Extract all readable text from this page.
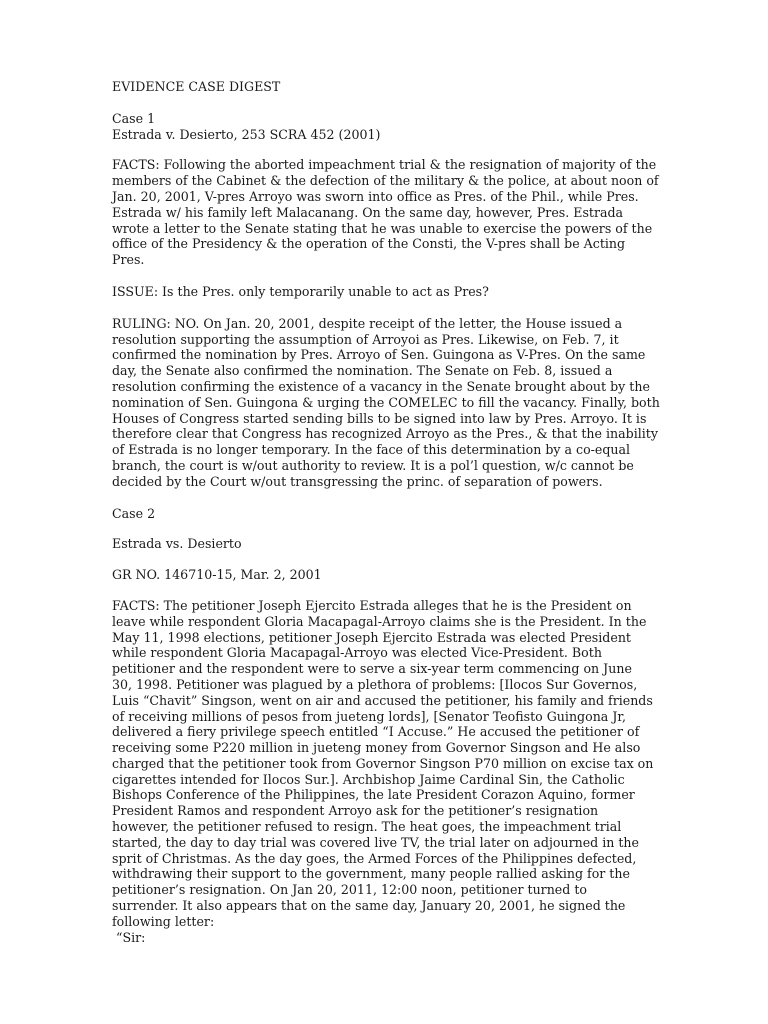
EVIDENCE CASE DIGEST

Case 1

Estrada v. Desierto, 253 SCRA 452 (2001)

FACTS: Following the aborted impeachment trial & the resignation of majority of the
members of the Cabinet & the defection of the military & the police, at about noon of
Jan. 20, 2001, V-pres Arroyo was sworn into office as Pres. of the Phil., while Pres.
Estrada w/ his family left Malacanang. On the same day, however, Pres. Estrada
wrote a letter to the Senate stating that he was unable to exercise the powers of the
office of the Presidency & the operation of the Consti, the V-pres shall be Acting
Pres.
ISSUE: Is the Pres. only temporarily unable to act as Pres?
RULING: NO. On Jan. 20, 2001, despite receipt of the letter, the House issued a
resolution supporting the assumption of Arroyoi as Pres. Likewise, on Feb. 7, it
confirmed the nomination by Pres. Arroyo of Sen. Guingona as V-Pres. On the same
day, the Senate also confirmed the nomination. The Senate on Feb. 8, issued a
resolution confirming the existence of a vacancy in the Senate brought about by the
nomination of Sen. Guingona & urging the COMELEC to fill the vacancy. Finally, both
Houses of Congress started sending bills to be signed into law by Pres. Arroyo. It is
therefore clear that Congress has recognized Arroyo as the Pres., & that the inability
of Estrada is no longer temporary. In the face of this determination by a co-equal
branch, the court is w/out authority to review. It is a pol’l question, w/c cannot be
decided by the Court w/out transgressing the princ. of separation of powers.

Case 2

Estrada vs. Desierto

GR NO. 146710-15, Mar. 2, 2001

FACTS: The petitioner Joseph Ejercito Estrada alleges that he is the President on
leave while respondent Gloria Macapagal-Arroyo claims she is the President. In the
May 11, 1998 elections, petitioner Joseph Ejercito Estrada was elected President
while respondent Gloria Macapagal-Arroyo was elected Vice-President. Both
petitioner and the respondent were to serve a six-year term commencing on June
30, 1998. Petitioner was plagued by a plethora of problems: [Ilocos Sur Governos,
Luis “Chavit” Singson, went on air and accused the petitioner, his family and friends
of receiving millions of pesos from jueteng lords], [Senator Teofisto Guingona Jr,
delivered a fiery privilege speech entitled “I Accuse.” He accused the petitioner of
receiving some P220 million in jueteng money from Governor Singson and He also
charged that the petitioner took from Governor Singson P70 million on excise tax on
cigarettes intended for Ilocos Sur.]. Archbishop Jaime Cardinal Sin, the Catholic
Bishops Conference of the Philippines, the late President Corazon Aquino, former
President Ramos and respondent Arroyo ask for the petitioner’s resignation
however, the petitioner refused to resign. The heat goes, the impeachment trial
started, the day to day trial was covered live TV, the trial later on adjourned in the
sprit of Christmas. As the day goes, the Armed Forces of the Philippines defected,
withdrawing their support to the government, many people rallied asking for the
petitioner’s resignation. On Jan 20, 2011, 12:00 noon, petitioner turned to
surrender. It also appears that on the same day, January 20, 2001, he signed the
following letter:

“Sir:
